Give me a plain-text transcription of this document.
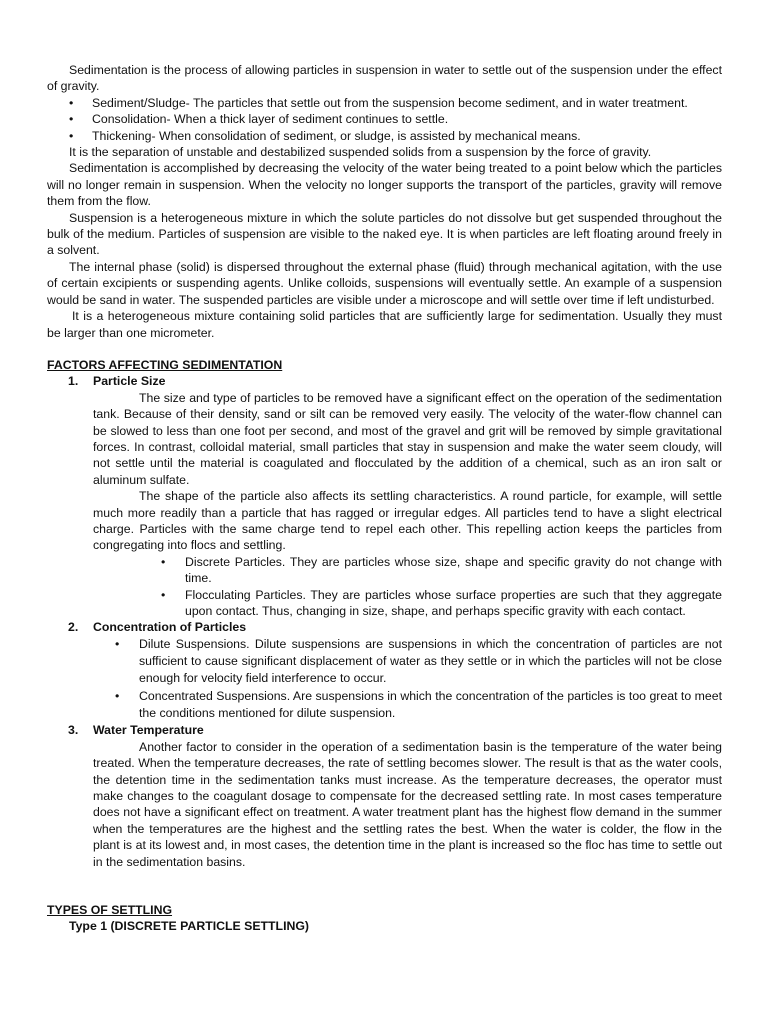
Sedimentation is the process of allowing particles in suspension in water to settle out of the suspension under the effect of gravity.

• Sediment/Sludge- The particles that settle out from the suspension become sediment, and in water treatment.
• Consolidation- When a thick layer of sediment continues to settle.
• Thickening- When consolidation of sediment, or sludge, is assisted by mechanical means.

It is the separation of unstable and destabilized suspended solids from a suspension by the force of gravity.

Sedimentation is accomplished by decreasing the velocity of the water being treated to a point below which the particles will no longer remain in suspension. When the velocity no longer supports the transport of the particles, gravity will remove them from the flow.

Suspension is a heterogeneous mixture in which the solute particles do not dissolve but get suspended throughout the bulk of the medium. Particles of suspension are visible to the naked eye. It is when particles are left floating around freely in a solvent.

The internal phase (solid) is dispersed throughout the external phase (fluid) through mechanical agitation, with the use of certain excipients or suspending agents. Unlike colloids, suspensions will eventually settle. An example of a suspension would be sand in water. The suspended particles are visible under a microscope and will settle over time if left undisturbed.

It is a heterogeneous mixture containing solid particles that are sufficiently large for sedimentation. Usually they must be larger than one micrometer.

FACTORS AFFECTING SEDIMENTATION

1. Particle Size

The size and type of particles to be removed have a significant effect on the operation of the sedimentation tank. Because of their density, sand or silt can be removed very easily. The velocity of the water-flow channel can be slowed to less than one foot per second, and most of the gravel and grit will be removed by simple gravitational forces. In contrast, colloidal material, small particles that stay in suspension and make the water seem cloudy, will not settle until the material is coagulated and flocculated by the addition of a chemical, such as an iron salt or aluminum sulfate.

The shape of the particle also affects its settling characteristics. A round particle, for example, will settle much more readily than a particle that has ragged or irregular edges. All particles tend to have a slight electrical charge. Particles with the same charge tend to repel each other. This repelling action keeps the particles from congregating into flocs and settling.

• Discrete Particles. They are particles whose size, shape and specific gravity do not change with time.
• Flocculating Particles. They are particles whose surface properties are such that they aggregate upon contact. Thus, changing in size, shape, and perhaps specific gravity with each contact.
2. Concentration of Particles

• Dilute Suspensions. Dilute suspensions are suspensions in which the concentration of particles are not sufficient to cause significant displacement of water as they settle or in which the particles will not be close enough for velocity field interference to occur.
• Concentrated Suspensions. Are suspensions in which the concentration of the particles is too great to meet the conditions mentioned for dilute suspension.
3. Water Temperature

Another factor to consider in the operation of a sedimentation basin is the temperature of the water being treated. When the temperature decreases, the rate of settling becomes slower. The result is that as the water cools, the detention time in the sedimentation tanks must increase. As the temperature decreases, the operator must make changes to the coagulant dosage to compensate for the decreased settling rate. In most cases temperature does not have a significant effect on treatment. A water treatment plant has the highest flow demand in the summer when the temperatures are the highest and the settling rates the best. When the water is colder, the flow in the plant is at its lowest and, in most cases, the detention time in the plant is increased so the floc has time to settle out in the sedimentation basins.

TYPES OF SETTLING

Type 1 (DISCRETE PARTICLE SETTLING)
